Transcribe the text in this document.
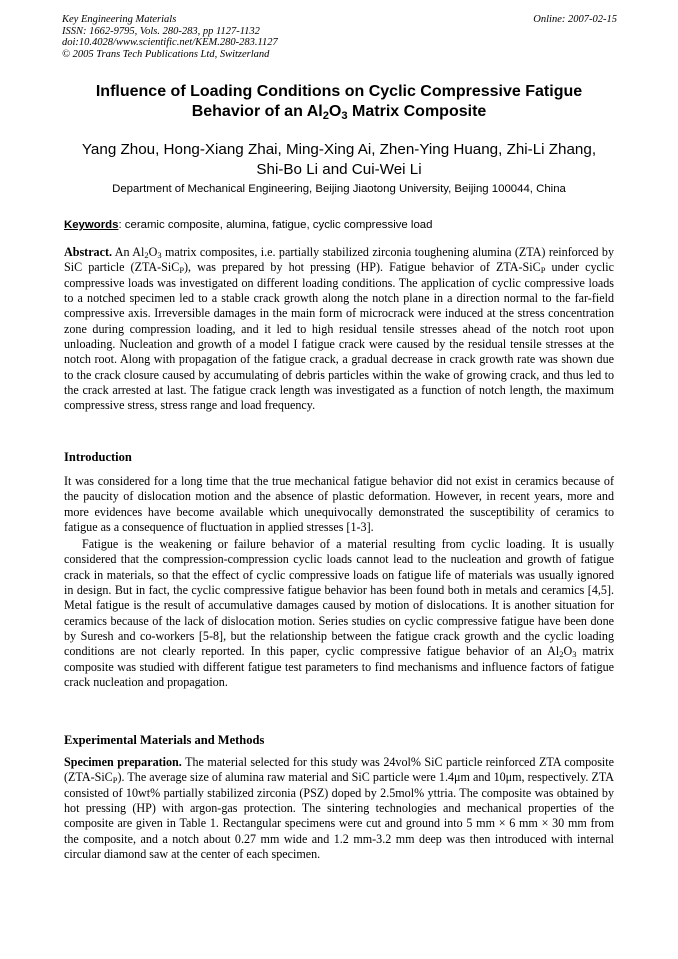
Key Engineering Materials
ISSN: 1662-9795, Vols. 280-283, pp 1127-1132
doi:10.4028/www.scientific.net/KEM.280-283.1127
© 2005 Trans Tech Publications Ltd, Switzerland
Online: 2007-02-15
Influence of Loading Conditions on Cyclic Compressive Fatigue
Behavior of an $Al_2O_3$ Matrix Composite
Yang Zhou, Hong-Xiang Zhai, Ming-Xing Ai, Zhen-Ying Huang, Zhi-Li Zhang,
Shi-Bo Li and Cui-Wei Li
Department of Mechanical Engineering, Beijing Jiaotong University, Beijing 100044, China
Keywords: ceramic composite, alumina, fatigue, cyclic compressive load

Abstract. An $Al_2O_3$ matrix composites, i.e. partially stabilized zirconia toughening alumina (ZTA) reinforced by SiC particle (ZTA-SiC$_P$), was prepared by hot pressing (HP). Fatigue behavior of ZTA-SiC$_P$ under cyclic compressive loads was investigated on different loading conditions. The application of cyclic compressive loads to a notched specimen led to a stable crack growth along the notch plane in a direction normal to the far-field compressive axis. Irreversible damages in the main form of microcrack were induced at the stress concentration zone during compression loading, and it led to high residual tensile stresses ahead of the notch root upon unloading. Nucleation and growth of a model I fatigue crack were caused by the residual tensile stresses at the notch root. Along with propagation of the fatigue crack, a gradual decrease in crack growth rate was shown due to the crack closure caused by accumulating of debris particles within the wake of growing crack, and thus led to the crack arrested at last. The fatigue crack length was investigated as a function of notch length, the maximum compressive stress, stress range and load frequency.

Introduction

It was considered for a long time that the true mechanical fatigue behavior did not exist in ceramics because of the paucity of dislocation motion and the absence of plastic deformation. However, in recent years, more and more evidences have become available which unequivocally demonstrated the susceptibility of ceramics to fatigue as a consequence of fluctuation in applied stresses [1-3].

Fatigue is the weakening or failure behavior of a material resulting from cyclic loading. It is usually considered that the compression-compression cyclic loads cannot lead to the nucleation and growth of fatigue crack in materials, so that the effect of cyclic compressive loads on fatigue life of materials was usually ignored in design. But in fact, the cyclic compressive fatigue behavior has been found both in metals and ceramics [4,5]. Metal fatigue is the result of accumulative damages caused by motion of dislocations. It is another situation for ceramics because of the lack of dislocation motion. Series studies on cyclic compressive fatigue have been done by Suresh and co-workers [5-8], but the relationship between the fatigue crack growth and the cyclic loading conditions are not clearly reported. In this paper, cyclic compressive fatigue behavior of an $Al_2O_3$ matrix composite was studied with different fatigue test parameters to find mechanisms and influence factors of fatigue crack nucleation and propagation.

Experimental Materials and Methods

Specimen preparation. The material selected for this study was 24vol% SiC particle reinforced ZTA composite (ZTA-SiC$_P$). The average size of alumina raw material and SiC particle were 1.4μm and 10μm, respectively. ZTA consisted of 10wt% partially stabilized zirconia (PSZ) doped by 2.5mol% yttria. The composite was obtained by hot pressing (HP) with argon-gas protection. The sintering technologies and mechanical properties of the composite are given in Table 1. Rectangular specimens were cut and ground into 5 mm × 6 mm × 30 mm from the composite, and a notch about 0.27 mm wide and 1.2 mm-3.2 mm deep was then introduced with internal circular diamond saw at the center of each specimen.
